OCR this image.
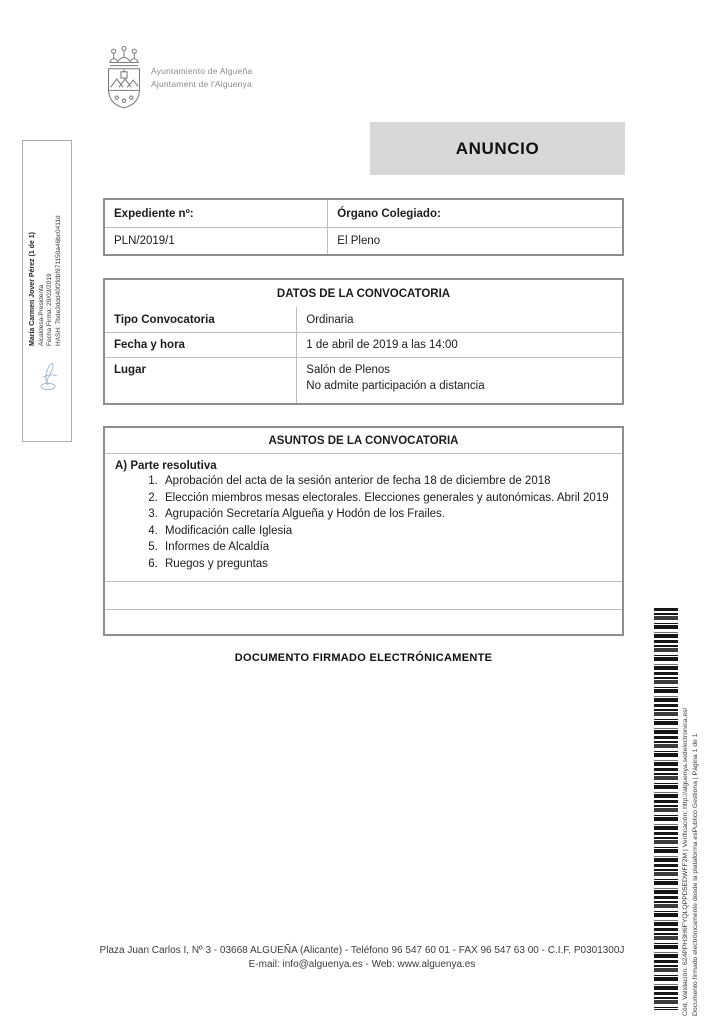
Ayuntamiento de Algueña
Ajuntament de l'Alguenya
ANUNCIO
Expediente nº:	Órgano Colegiado:
PLN/2019/1	El Pleno
DATOS DE LA CONVOCATORIA
Tipo Convocatoria	Ordinaria
Fecha y hora	1 de abril de 2019 a las 14:00
Lugar	Salón de Plenos
No admite participación a distancia
ASUNTOS DE LA CONVOCATORIA

A) Parte resolutiva

1. Aprobación del acta de la sesión anterior de fecha 18 de diciembre de 2018
2. Elección miembros mesas electorales. Elecciones generales y autonómicas. Abril 2019
3. Agrupación Secretaría Algueña y Hodón de los Frailes.
4. Modificación calle Iglesia
5. Informes de Alcaldía
6. Ruegos y preguntas
DOCUMENTO FIRMADO ELECTRÓNICAMENTE
María Carmen Jover Pérez (1 de 1) Alcaldesa-Presidenta Fecha Firma: 29/03/2019 HASH: 7bde3ddd40f2fdbf971150a46bc0411d
Cód. Validación: 624PPH3H6FYQLQPPD5EDWFF2M | Verificación: http://alguenya.sedelectronica.es/ Documento firmado electrónicamente desde la plataforma esPublico Gestiona | Página 1 de 1
Plaza Juan Carlos I, Nº 3 - 03668 ALGUEÑA (Alicante) - Teléfono 96 547 60 01 - FAX 96 547 63 00 - C.I.F. P0301300J
E-mail: info@alguenya.es - Web: www.alguenya.es
